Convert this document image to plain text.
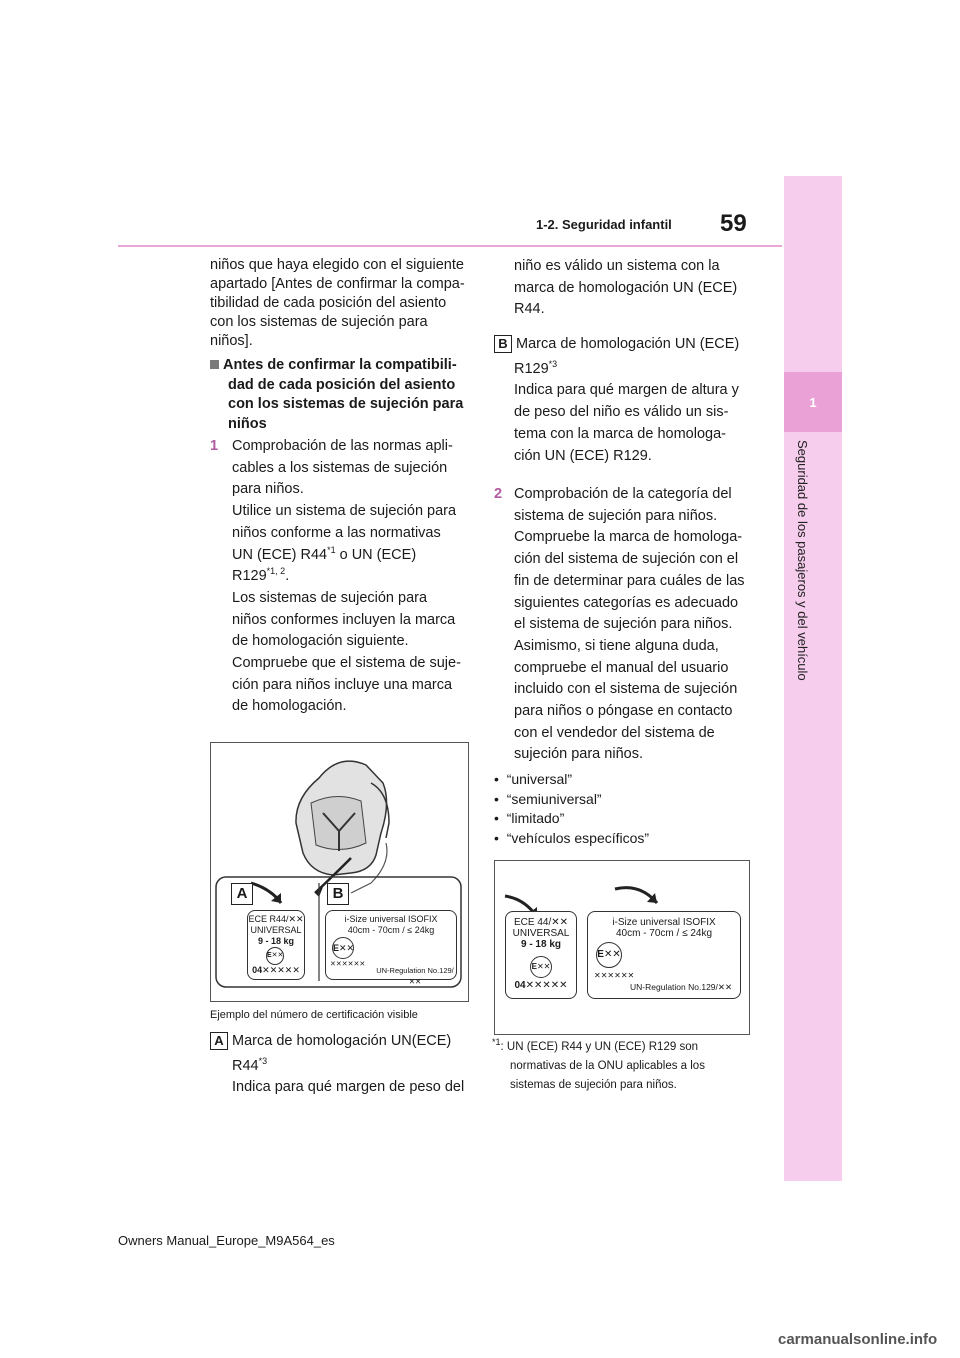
59
1-2. Seguridad infantil
1
Seguridad de los pasajeros y del vehículo
niños que haya elegido con el siguiente
apartado [Antes de confirmar la compa-
tibilidad de cada posición del asiento
con los sistemas de sujeción para
niños].
Antes de confirmar la compatibili-
dad de cada posición del asiento
con los sistemas de sujeción para
niños
1 Comprobación de las normas apli-
cables a los sistemas de sujeción
para niños.
Utilice un sistema de sujeción para
niños conforme a las normativas
UN (ECE) R44$^{*1}$ o UN (ECE)
R129$^{*1, 2}$.
Los sistemas de sujeción para
niños conformes incluyen la marca
de homologación siguiente.
Compruebe que el sistema de suje-
ción para niños incluye una marca
de homologación.
A	B
ECE R44/✕✕
UNIVERSAL
9 - 18 kg
E✕✕
04✕✕✕✕✕
i-Size universal ISOFIX
40cm - 70cm / ≤ 24kg
E✕✕
✕✕✕✕✕✕
UN-Regulation No.129/✕✕
Ejemplo del número de certificación visible
A Marca de homologación UN(ECE)
R44$^{*3}$
Indica para qué margen de peso del
niño es válido un sistema con la
marca de homologación UN (ECE)
R44.
B Marca de homologación UN (ECE)
R129$^{*3}$
Indica para qué margen de altura y
de peso del niño es válido un sis-
tema con la marca de homologa-
ción UN (ECE) R129.
2 Comprobación de la categoría del
sistema de sujeción para niños.
Compruebe la marca de homologa-
ción del sistema de sujeción con el
fin de determinar para cuáles de las
siguientes categorías es adecuado
el sistema de sujeción para niños.
Asimismo, si tiene alguna duda,
compruebe el manual del usuario
incluido con el sistema de sujeción
para niños o póngase en contacto
con el vendedor del sistema de
sujeción para niños.
•  “universal”
•  “semiuniversal”
•  “limitado”
•  “vehículos específicos”
ECE 44/✕✕
UNIVERSAL
9 - 18 kg
E✕✕
04✕✕✕✕✕
i-Size universal ISOFIX
40cm - 70cm / ≤ 24kg
E✕✕
✕✕✕✕✕✕
UN-Regulation No.129/✕✕
$^{*1}$: UN (ECE) R44 y UN (ECE) R129 son
normativas de la ONU aplicables a los
sistemas de sujeción para niños.
Owners Manual_Europe_M9A564_es
carmanualsonline.info
